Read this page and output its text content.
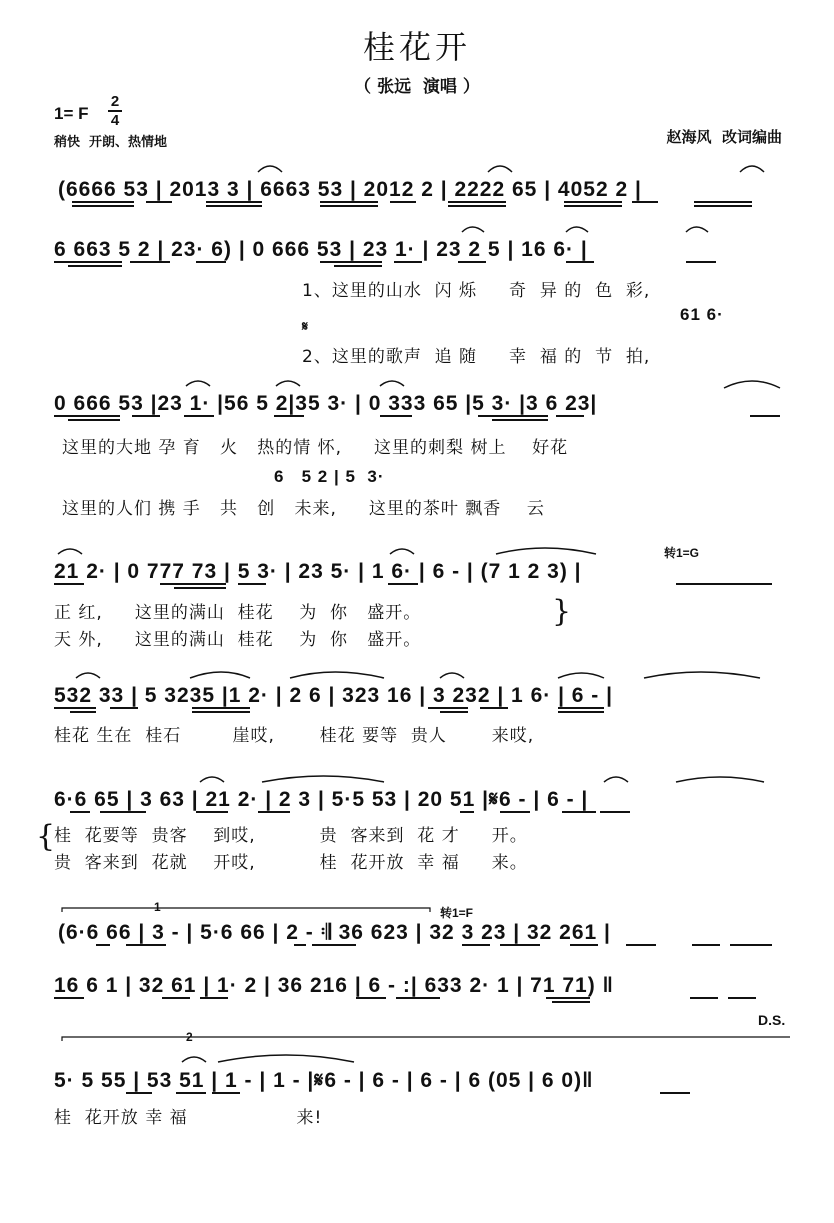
桂花开
（ 张远  演唱 ）
1= F
2
4
稍快  开朗、热情地	赵海风  改词编曲
(6666 53 | 2013 3 | 6663 53 | 2012 2 | 2222 65 | 4052 2 |
6 663 5 2 | 23· 6) | 0 666 53 | 23 1· | 23 2 5 | 16 6· |
1、这里的山水  闪 烁     奇  异 的  色  彩,
𝄋
61 6·
2、这里的歌声  追 随     幸  福 的  节  拍,
0 666 53 |23 1· |56 5 2|35 3· | 0 333 65 |5 3· |3 6 23|
这里的大地 孕 育   火   热的情 怀,     这里的刺梨 树上    好花
6   5 2 | 5  3·
这里的人们 携 手   共   创   未来,     这里的茶叶 飘香    云
转1=G
21 2· | 0 777 73 | 5 3· | 23 5· | 1 6· | 6 - | (7 1 2 3) |
正 红,     这里的满山  桂花    为  你   盛开。
天 外,     这里的满山  桂花    为  你   盛开。
}
532 33 | 5 3235 |1 2· | 2 6 | 323 16 | 3 232 | 1 6· | 6 - |
桂花 生在  桂石        崖哎,       桂花 要等  贵人       来哎,
6·6 65 | 3 63 | 21 2· | 2 3 | 5·5 53 | 20 51 |𝄋6 - | 6 - |
{
桂  花要等  贵客    到哎,          贵  客来到  花 才     开。
贵  客来到  花就    开哎,          桂  花开放  幸 福     来。
1	转1=F
(6·6 66 | 3 - | 5·6 66 | 2 - 𝄇 36 623 | 32 3 23 | 32 261 |
16 6 1 | 32 61 | 1· 2 | 36 216 | 6 - :| 633 2· 1 | 71 71) ‖
D.S.
2
5· 5 55 | 53 51 | 1 - | 1 - |𝄋6 - | 6 - | 6 - | 6 (05 | 6 0)‖
桂  花开放 幸 福                 来!
